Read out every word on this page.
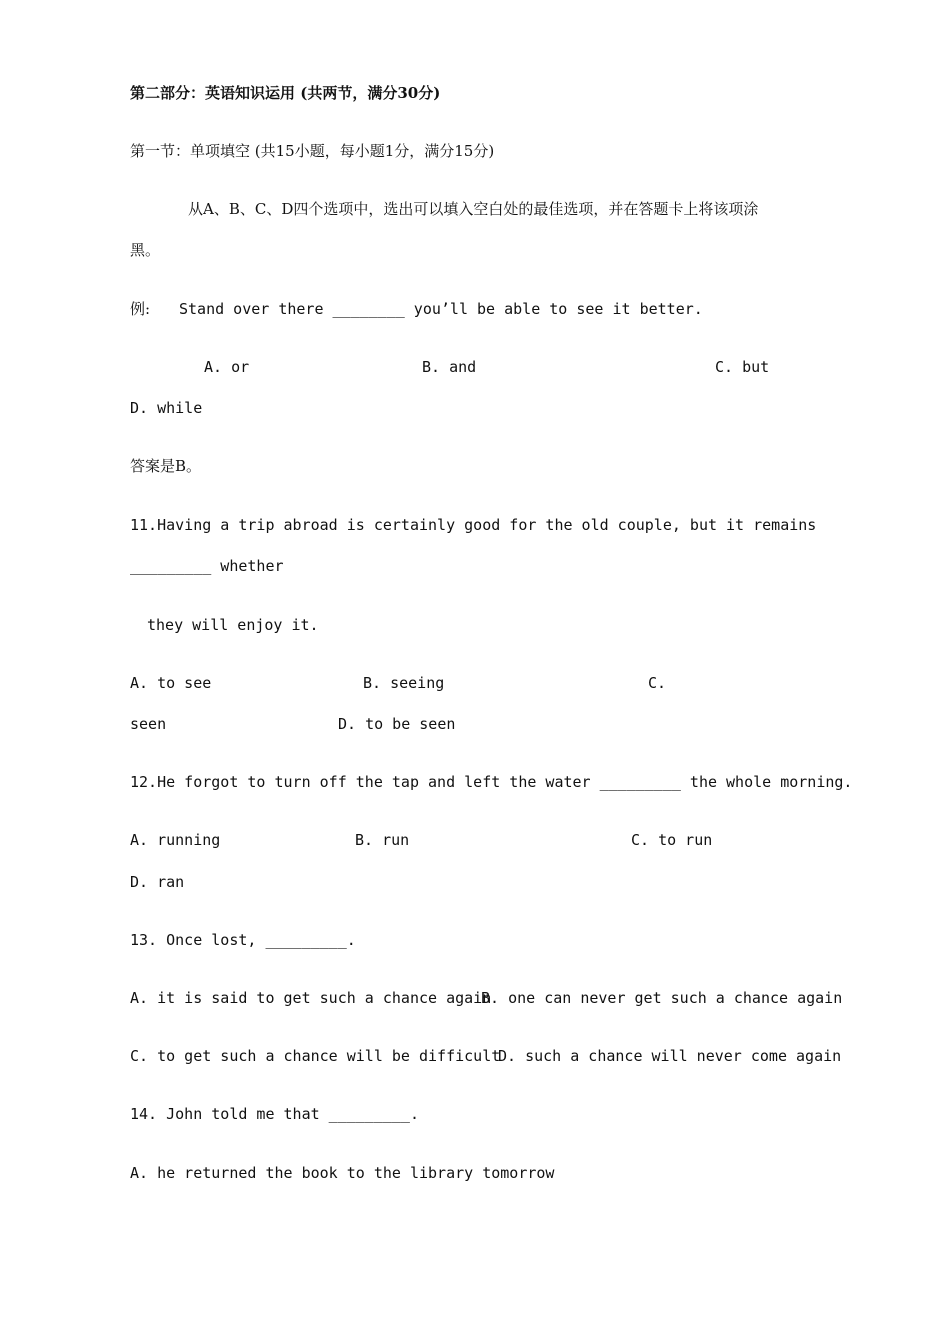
第二部分：英语知识运用 (共两节，满分30分)
第一节：单项填空 (共15小题，每小题1分，满分15分)
从A、B、C、D四个选项中，选出可以填入空白处的最佳选项，并在答题卡上将该项涂
黑。
例: Stand over there ________ you’ll be able to see it better.
A. or	B. and	C. but
D. while
答案是B。
11.Having a trip abroad is certainly good for the old couple, but it remains
_________ whether
they will enjoy it.
A. to see	B. seeing	C.
seen	D. to be seen
12.He forgot to turn off the tap and left the water _________ the whole morning.
A. running	B. run	C. to run
D. ran
13. Once lost, _________.
A. it is said to get such a chance again
B. one can never get such a chance again
C. to get such a chance will be difficult
D. such a chance will never come again
14. John told me that _________.
A. he returned the book to the library tomorrow
